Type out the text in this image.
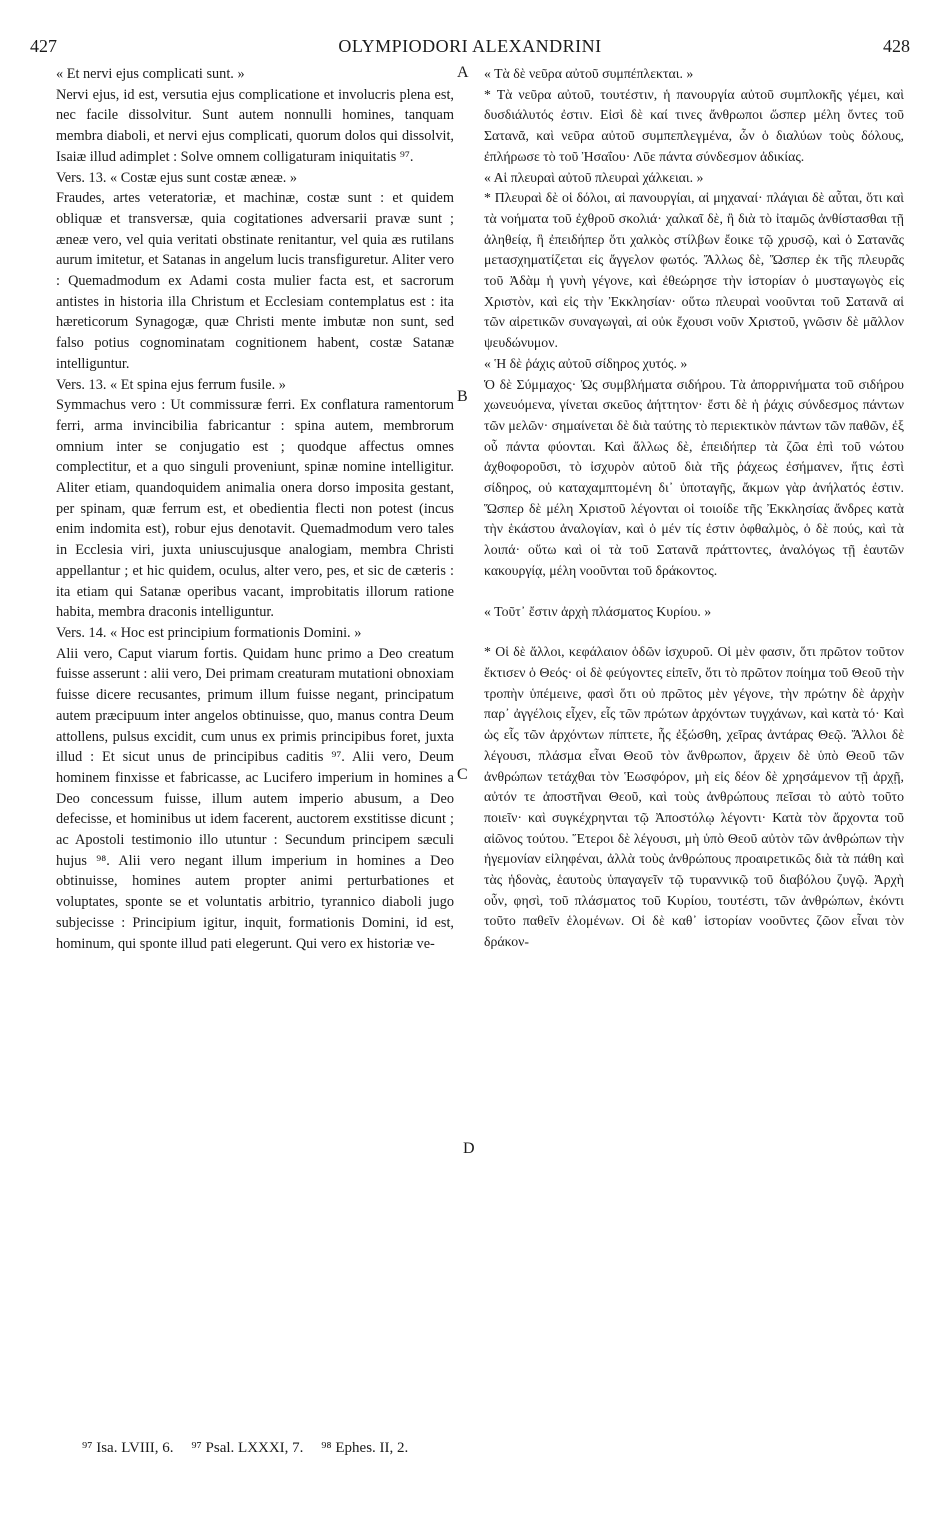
427	OLYMPIODORI ALEXANDRINI	428
A
B
C
D

« Et nervi ejus complicati sunt. »

Nervi ejus, id est, versutia ejus complicatione et involucris plena est, nec facile dissolvitur. Sunt autem nonnulli homines, tanquam membra diaboli, et nervi ejus complicati, quorum dolos qui dissolvit, Isaiæ illud adimplet : Solve omnem colligaturam iniquitatis ⁹⁷.

Vers. 13. « Costæ ejus sunt costæ æneæ. »

Fraudes, artes veteratoriæ, et machinæ, costæ sunt : et quidem obliquæ et transversæ, quia cogitationes adversarii pravæ sunt ; æneæ vero, vel quia veritati obstinate renitantur, vel quia æs rutilans aurum imitetur, et Satanas in angelum lucis transfiguretur. Aliter vero : Quemadmodum ex Adami costa mulier facta est, et sacrorum antistes in historia illa Christum et Ecclesiam contemplatus est : ita hæreticorum Synagogæ, quæ Christi mente imbutæ non sunt, sed falso potius cognominatam cognitionem habent, costæ Satanæ intelliguntur.

Vers. 13. « Et spina ejus ferrum fusile. »

Symmachus vero : Ut commissuræ ferri. Ex conflatura ramentorum ferri, arma invincibilia fabricantur : spina autem, membrorum omnium inter se conjugatio est ; quodque affectus omnes complectitur, et a quo singuli proveniunt, spinæ nomine intelligitur. Aliter etiam, quandoquidem animalia onera dorso imposita gestant, per spinam, quæ ferrum est, et obedientia flecti non potest (incus enim indomita est), robur ejus denotavit. Quemadmodum vero tales in Ecclesia viri, juxta uniuscujusque analogiam, membra Christi appellantur ; et hic quidem, oculus, alter vero, pes, et sic de cæteris : ita etiam qui Satanæ operibus vacant, improbitatis illorum ratione habita, membra draconis intelliguntur.

Vers. 14. « Hoc est principium formationis Domini. »

Alii vero, Caput viarum fortis. Quidam hunc primo a Deo creatum fuisse asserunt : alii vero, Dei primam creaturam mutationi obnoxiam fuisse dicere recusantes, primum illum fuisse negant, principatum autem præcipuum inter angelos obtinuisse, quo, manus contra Deum attollens, pulsus excidit, cum unus ex primis principibus foret, juxta illud : Et sicut unus de principibus caditis ⁹⁷. Alii vero, Deum hominem finxisse et fabricasse, ac Lucifero imperium in homines a Deo concessum fuisse, illum autem imperio abusum, a Deo defecisse, et hominibus ut idem facerent, auctorem exstitisse dicunt ; ac Apostoli testimonio illo utuntur : Secundum principem sæculi hujus ⁹⁸. Alii vero negant illum imperium in homines a Deo obtinuisse, homines autem propter animi perturbationes et voluptates, sponte se et voluntatis arbitrio, tyrannico diaboli jugo subjecisse : Principium igitur, inquit, formationis Domini, id est, hominum, qui sponte illud pati elegerunt. Qui vero ex historiæ ve-

« Τὰ δὲ νεῦρα αὐτοῦ συμπέπλεκται. »

* Τὰ νεῦρα αὐτοῦ, τουτέστιν, ἡ πανουργία αὐτοῦ συμπλοκῆς γέμει, καὶ δυσδιάλυτός ἐστιν. Εἰσὶ δὲ καί τινες ἄνθρωποι ὥσπερ μέλη ὄντες τοῦ Σατανᾶ, καὶ νεῦρα αὐτοῦ συμπεπλεγμένα, ὧν ὁ διαλύων τοὺς δόλους, ἐπλήρωσε τὸ τοῦ Ἠσαΐου· Λῦε πάντα σύνδεσμον ἀδικίας.

« Αἱ πλευραὶ αὐτοῦ πλευραὶ χάλκειαι. »

* Πλευραὶ δὲ οἱ δόλοι, αἱ πανουργίαι, αἱ μηχαναί· πλάγιαι δὲ αὗται, ὅτι καὶ τὰ νοήματα τοῦ ἐχθροῦ σκολιά· χαλκαῖ δὲ, ἢ διὰ τὸ ἰταμῶς ἀνθίστασθαι τῇ ἀληθείᾳ, ἢ ἐπειδήπερ ὅτι χαλκὸς στίλβων ἔοικε τῷ χρυσῷ, καὶ ὁ Σατανᾶς μετασχηματίζεται εἰς ἄγγελον φωτός. Ἄλλως δὲ, Ὥσπερ ἐκ τῆς πλευρᾶς τοῦ Ἀδὰμ ἡ γυνὴ γέγονε, καὶ ἐθεώρησε τὴν ἱστορίαν ὁ μυσταγωγὸς εἰς Χριστὸν, καὶ εἰς τὴν Ἐκκλησίαν· οὕτω πλευραὶ νοοῦνται τοῦ Σατανᾶ αἱ τῶν αἱρετικῶν συναγωγαὶ, αἱ οὐκ ἔχουσι νοῦν Χριστοῦ, γνῶσιν δὲ μᾶλλον ψευδώνυμον.

« Ἡ δὲ ῥάχις αὐτοῦ σίδηρος χυτός. »

Ὁ δὲ Σύμμαχος· Ὡς συμβλήματα σιδήρου. Τὰ ἀπορρινήματα τοῦ σιδήρου χωνευόμενα, γίνεται σκεῦος ἀήττητον· ἔστι δὲ ἡ ῥάχις σύνδεσμος πάντων τῶν μελῶν· σημαίνεται δὲ διὰ ταύτης τὸ περιεκτικὸν πάντων τῶν παθῶν, ἐξ οὗ πάντα φύονται. Καὶ ἄλλως δὲ, ἐπειδήπερ τὰ ζῶα ἐπὶ τοῦ νώτου ἀχθοφοροῦσι, τὸ ἰσχυρὸν αὐτοῦ διὰ τῆς ῥάχεως ἐσήμανεν, ἥτις ἐστὶ σίδηρος, οὐ καταχαμπτομένη δι᾽ ὑποταγῆς, ἄκμων γὰρ ἀνήλατός ἐστιν. Ὥσπερ δὲ μέλη Χριστοῦ λέγονται οἱ τοιοίδε τῆς Ἐκκλησίας ἄνδρες κατὰ τὴν ἑκάστου ἀναλογίαν, καὶ ὁ μέν τίς ἐστιν ὀφθαλμὸς, ὁ δὲ πούς, καὶ τὰ λοιπά· οὕτω καὶ οἱ τὰ τοῦ Σατανᾶ πράττοντες, ἀναλόγως τῇ ἑαυτῶν κακουργίᾳ, μέλη νοοῦνται τοῦ δράκοντος.

« Τοῦτ᾽ ἔστιν ἀρχὴ πλάσματος Κυρίου. »

* Οἱ δὲ ἄλλοι, κεφάλαιον ὁδῶν ἰσχυροῦ. Οἱ μὲν φασιν, ὅτι πρῶτον τοῦτον ἔκτισεν ὁ Θεός· οἱ δὲ φεύγοντες εἰπεῖν, ὅτι τὸ πρῶτον ποίημα τοῦ Θεοῦ τὴν τροπὴν ὑπέμεινε, φασὶ ὅτι οὐ πρῶτος μὲν γέγονε, τὴν πρώτην δὲ ἀρχὴν παρ᾽ ἀγγέλοις εἶχεν, εἷς τῶν πρώτων ἀρχόντων τυγχάνων, καὶ κατὰ τό· Καὶ ὡς εἷς τῶν ἀρχόντων πίπτετε, ἧς ἐξώσθη, χεῖρας ἀντάρας Θεῷ. Ἄλλοι δὲ λέγουσι, πλάσμα εἶναι Θεοῦ τὸν ἄνθρωπον, ἄρχειν δὲ ὑπὸ Θεοῦ τῶν ἀνθρώπων τετάχθαι τὸν Ἑωσφόρον, μὴ εἰς δέον δὲ χρησάμενον τῇ ἀρχῇ, αὐτόν τε ἀποστῆναι Θεοῦ, καὶ τοὺς ἀνθρώπους πεῖσαι τὸ αὐτὸ τοῦτο ποιεῖν· καὶ συγκέχρηνται τῷ Ἀποστόλῳ λέγοντι· Κατὰ τὸν ἄρχοντα τοῦ αἰῶνος τούτου. Ἕτεροι δὲ λέγουσι, μὴ ὑπὸ Θεοῦ αὐτὸν τῶν ἀνθρώπων τὴν ἡγεμονίαν εἰληφέναι, ἀλλὰ τοὺς ἀνθρώπους προαιρετικῶς διὰ τὰ πάθη καὶ τὰς ἡδονὰς, ἑαυτοὺς ὑπαγαγεῖν τῷ τυραννικῷ τοῦ διαβόλου ζυγῷ. Ἀρχὴ οὖν, φησὶ, τοῦ πλάσματος τοῦ Κυρίου, τουτέστι, τῶν ἀνθρώπων, ἑκόντι τοῦτο παθεῖν ἑλομένων. Οἱ δὲ καθ᾽ ἱστορίαν νοοῦντες ζῶον εἶναι τὸν δράκον-

⁹⁷ Isa. LVIII, 6. ⁹⁷ Psal. LXXXI, 7. ⁹⁸ Ephes. II, 2.
